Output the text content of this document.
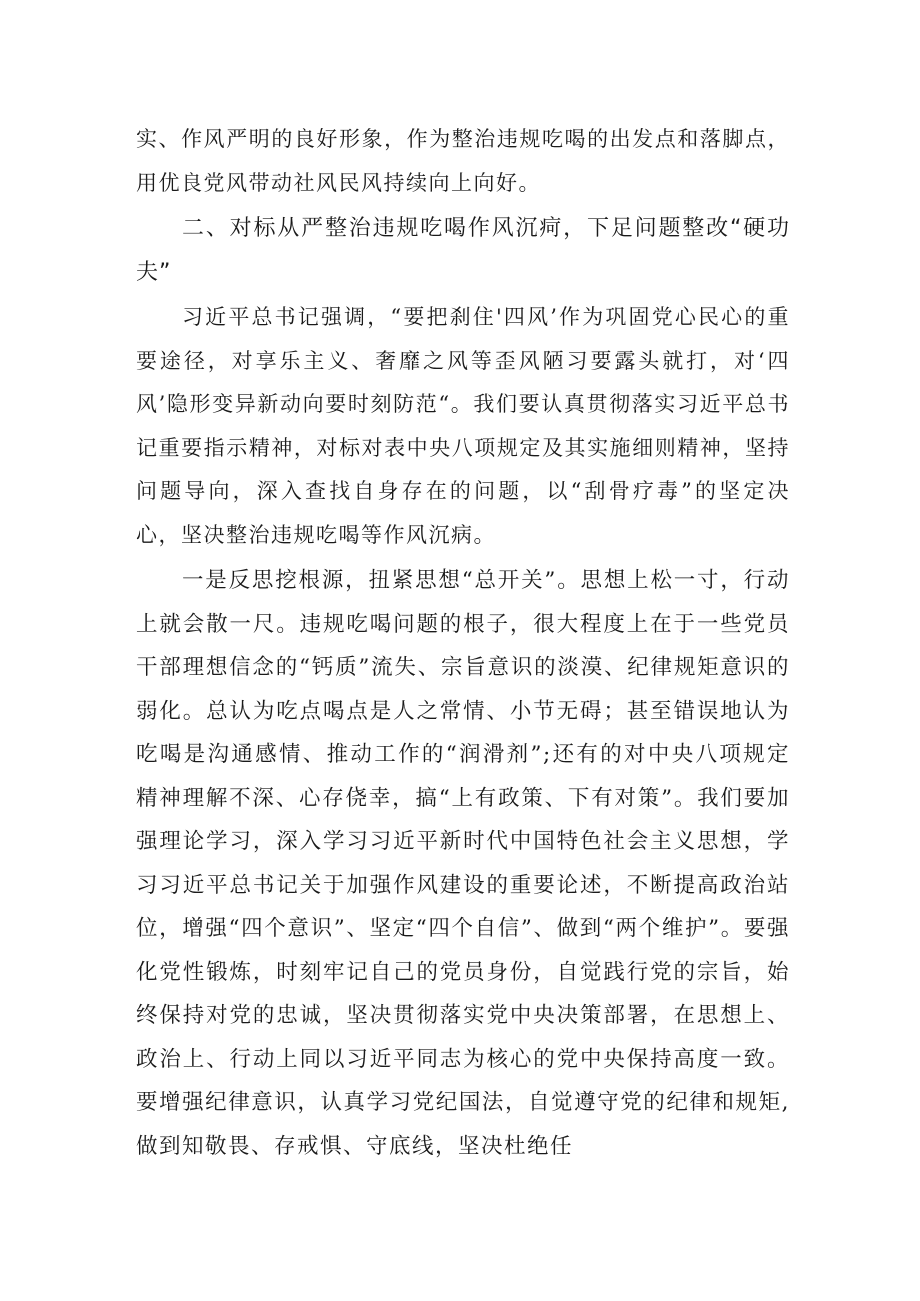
实、作风严明的良好形象，作为整治违规吃喝的出发点和落脚点，用优良党风带动社风民风持续向上向好。

二、对标从严整治违规吃喝作风沉疴，下足问题整改“硬功夫”

习近平总书记强调，“要把刹住'四风’作为巩固党心民心的重要途径，对享乐主义、奢靡之风等歪风陋习要露头就打，对‘四风’隐形变异新动向要时刻防范“。我们要认真贯彻落实习近平总书记重要指示精神，对标对表中央八项规定及其实施细则精神，坚持问题导向，深入查找自身存在的问题，以“刮骨疗毒”的坚定决心，坚决整治违规吃喝等作风沉病。

一是反思挖根源，扭紧思想“总开关”。思想上松一寸，行动上就会散一尺。违规吃喝问题的根子，很大程度上在于一些党员干部理想信念的“钙质”流失、宗旨意识的淡漠、纪律规矩意识的弱化。总认为吃点喝点是人之常情、小节无碍；甚至错误地认为吃喝是沟通感情、推动工作的“润滑剂”;还有的对中央八项规定精神理解不深、心存侥幸，搞“上有政策、下有对策”。我们要加强理论学习，深入学习习近平新时代中国特色社会主义思想，学习习近平总书记关于加强作风建设的重要论述，不断提高政治站位，增强“四个意识”、坚定“四个自信”、做到“两个维护”。要强化党性锻炼，时刻牢记自己的党员身份，自觉践行党的宗旨，始终保持对党的忠诚，坚决贯彻落实党中央决策部署，在思想上、政治上、行动上同以习近平同志为核心的党中央保持高度一致。要增强纪律意识，认真学习党纪国法，自觉遵守党的纪律和规矩,做到知敬畏、存戒惧、守底线，坚决杜绝任
